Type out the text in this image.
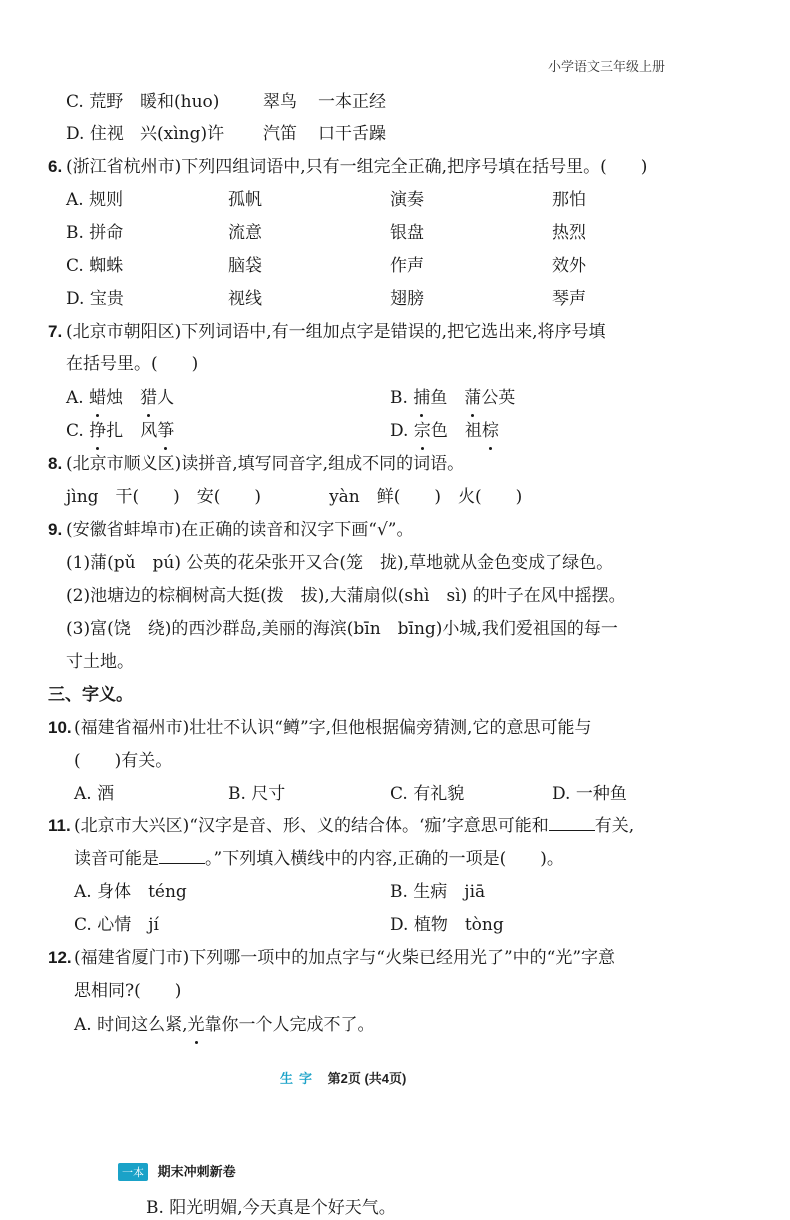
小学语文三年级上册
C. 荒野 暖和(huo)	翠鸟 一本正经
D. 住视 兴(xìng)许 汽笛 口干舌躁
6. (浙江省杭州市)下列四组词语中,只有一组完全正确,把序号填在括号里。(　　)
A. 规则	孤帆	演奏	那怕
B. 拼命	流意	银盘	热烈
C. 蜘蛛	脑袋	作声	效外
D. 宝贵	视线	翅膀	琴声
7. (北京市朝阳区)下列词语中,有一组加点字是错误的,把它选出来,将序号填
在括号里。(　　)
A. 蜡烛　猎人	B. 捕鱼　蒲公英
C. 挣扎　风筝	D. 宗色　祖棕
8. (北京市顺义区)读拼音,填写同音字,组成不同的词语。
jìng　干(　　)　安(　　)　　　　yàn　鲜(　　)　火(　　)
9. (安徽省蚌埠市)在正确的读音和汉字下画“√”。
(1)蒲(pǔ　pú) 公英的花朵张开又合(笼　拢),草地就从金色变成了绿色。
(2)池塘边的棕榈树高大挺(拨　拔),大蒲扇似(shì　sì) 的叶子在风中摇摆。
(3)富(饶　绕)的西沙群岛,美丽的海滨(bīn　bīng)小城,我们爱祖国的每一
寸土地。
三、字义。
10. (福建省福州市)壮壮不认识“鳟”字,但他根据偏旁猜测,它的意思可能与
(　　)有关。
A. 酒	B. 尺寸	C. 有礼貌	D. 一种鱼
11. (北京市大兴区)“汉字是音、形、义的结合体。‘痂’字意思可能和	有关,
读音可能是	。”下列填入横线中的内容,正确的一项是(　　)。
A. 身体　téng	B. 生病　jiā
C. 心情　jí	D. 植物　tòng
12. (福建省厦门市)下列哪一项中的加点字与“火柴已经用光了”中的“光”字意
思相同?(　　)
A. 时间这么紧,光靠你一个人完成不了。
生字 第2页 (共4页)
一本 期末冲刺新卷
B. 阳光明媚,今天真是个好天气。
